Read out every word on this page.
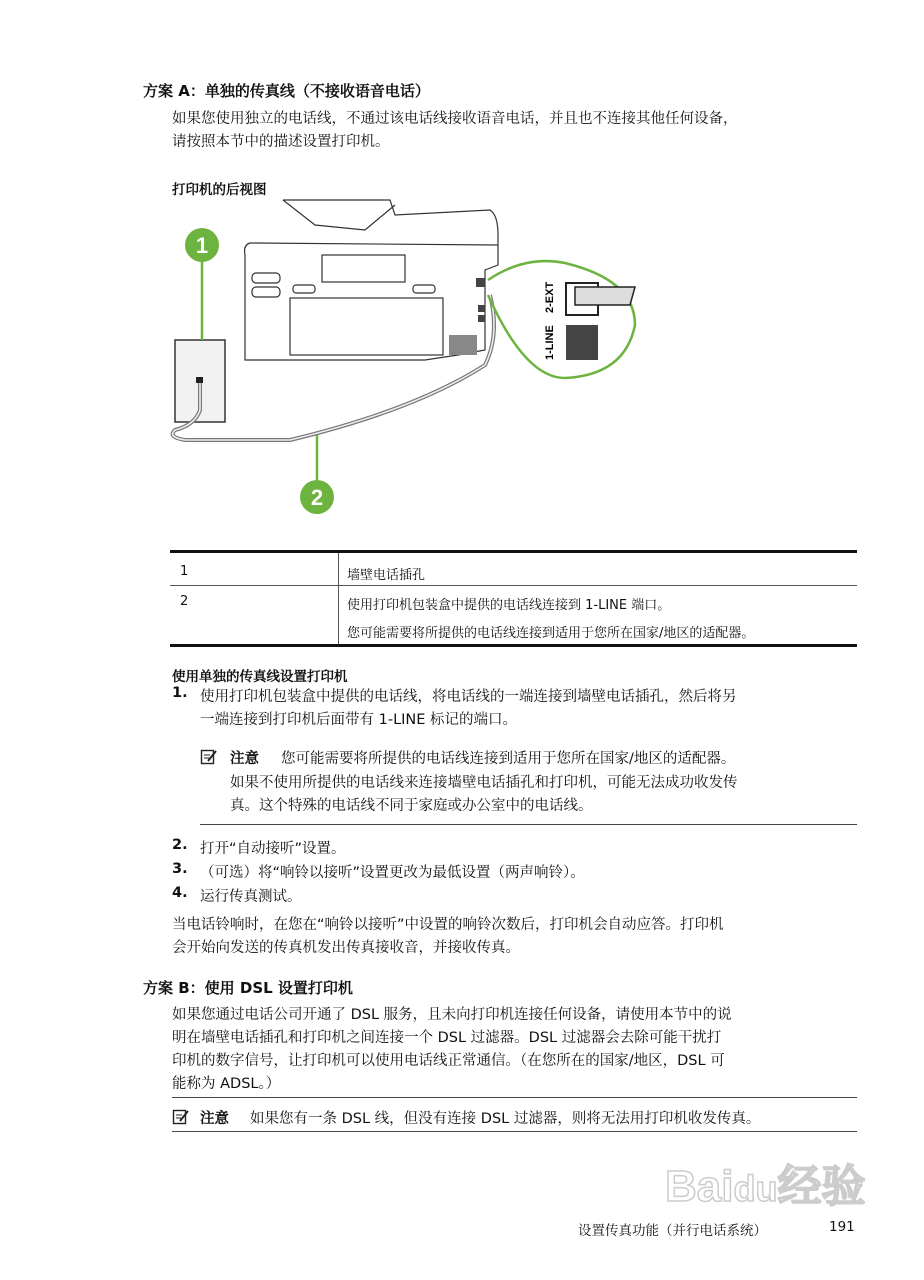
方案 A：单独的传真线（不接收语音电话）
如果您使用独立的电话线，不通过该电话线接收语音电话，并且也不连接其他任何设备，
请按照本节中的描述设置打印机。
打印机的后视图
1
2
1-LINE
2-EXT
1	墙壁电话插孔
2	使用打印机包装盒中提供的电话线连接到 1-LINE 端口。
您可能需要将所提供的电话线连接到适用于您所在国家/地区的适配器。
使用单独的传真线设置打印机
1. 使用打印机包装盒中提供的电话线，将电话线的一端连接到墙壁电话插孔，然后将另
一端连接到打印机后面带有 1-LINE 标记的端口。
注意 您可能需要将所提供的电话线连接到适用于您所在国家/地区的适配器。
如果不使用所提供的电话线来连接墙壁电话插孔和打印机，可能无法成功收发传
真。这个特殊的电话线不同于家庭或办公室中的电话线。
2. 打开“自动接听”设置。
3. （可选）将“响铃以接听”设置更改为最低设置（两声响铃）。
4. 运行传真测试。
当电话铃响时，在您在“响铃以接听”中设置的响铃次数后，打印机会自动应答。打印机
会开始向发送的传真机发出传真接收音，并接收传真。
方案 B：使用 DSL 设置打印机
如果您通过电话公司开通了 DSL 服务，且未向打印机连接任何设备，请使用本节中的说
明在墙壁电话插孔和打印机之间连接一个 DSL 过滤器。DSL 过滤器会去除可能干扰打
印机的数字信号，让打印机可以使用电话线正常通信。（在您所在的国家/地区，DSL 可
能称为 ADSL。）
注意 如果您有一条 DSL 线，但没有连接 DSL 过滤器，则将无法用打印机收发传真。
Baidu经验
设置传真功能（并行电话系统）	191
